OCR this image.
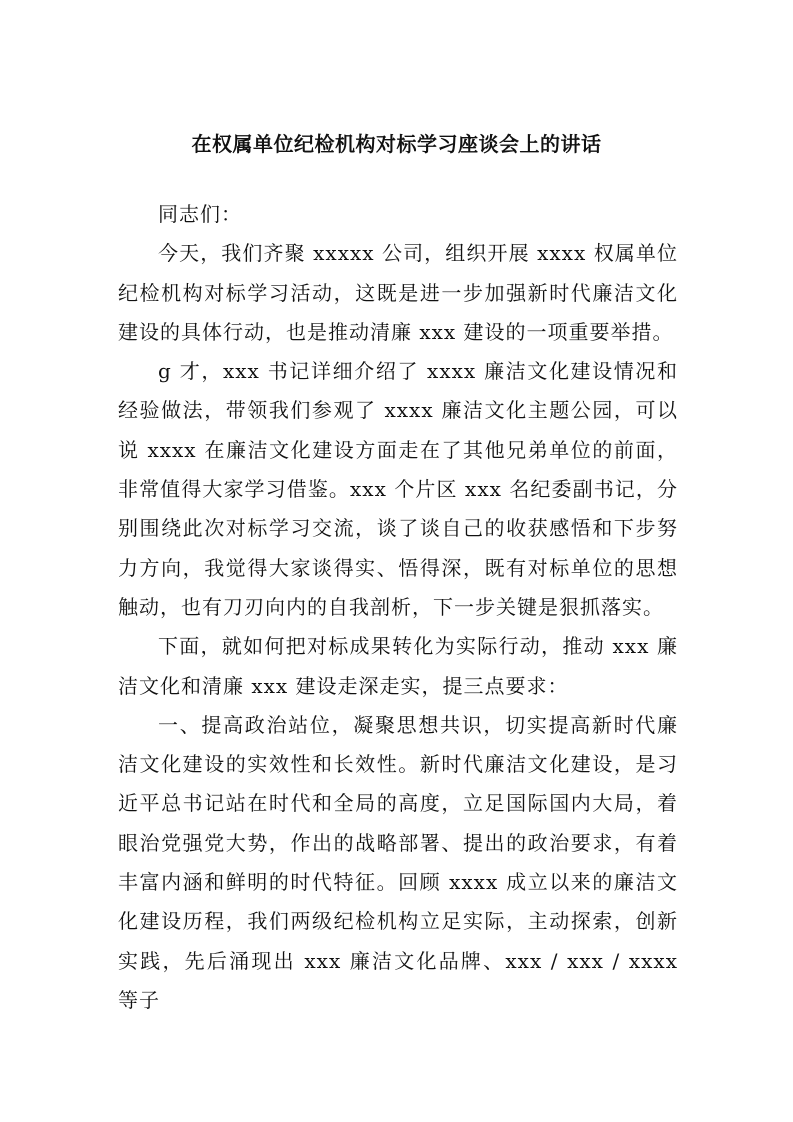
在权属单位纪检机构对标学习座谈会上的讲话

同志们：

今天，我们齐聚 xxxxx 公司，组织开展 xxxx 权属单位纪检机构对标学习活动，这既是进一步加强新时代廉洁文化建设的具体行动，也是推动清廉 xxx 建设的一项重要举措。

g 才，xxx 书记详细介绍了 xxxx 廉洁文化建设情况和经验做法，带领我们参观了 xxxx 廉洁文化主题公园，可以说 xxxx 在廉洁文化建设方面走在了其他兄弟单位的前面，非常值得大家学习借鉴。xxx 个片区 xxx 名纪委副书记，分别围绕此次对标学习交流，谈了谈自己的收获感悟和下步努力方向，我觉得大家谈得实、悟得深，既有对标单位的思想触动，也有刀刃向内的自我剖析，下一步关键是狠抓落实。

下面，就如何把对标成果转化为实际行动，推动 xxx 廉洁文化和清廉 xxx 建设走深走实，提三点要求：

一、提高政治站位，凝聚思想共识，切实提高新时代廉洁文化建设的实效性和长效性。新时代廉洁文化建设，是习近平总书记站在时代和全局的高度，立足国际国内大局，着眼治党强党大势，作出的战略部署、提出的政治要求，有着丰富内涵和鲜明的时代特征。回顾 xxxx 成立以来的廉洁文化建设历程，我们两级纪检机构立足实际，主动探索，创新实践，先后涌现出 xxx 廉洁文化品牌、xxx / xxx / xxxx 等子
